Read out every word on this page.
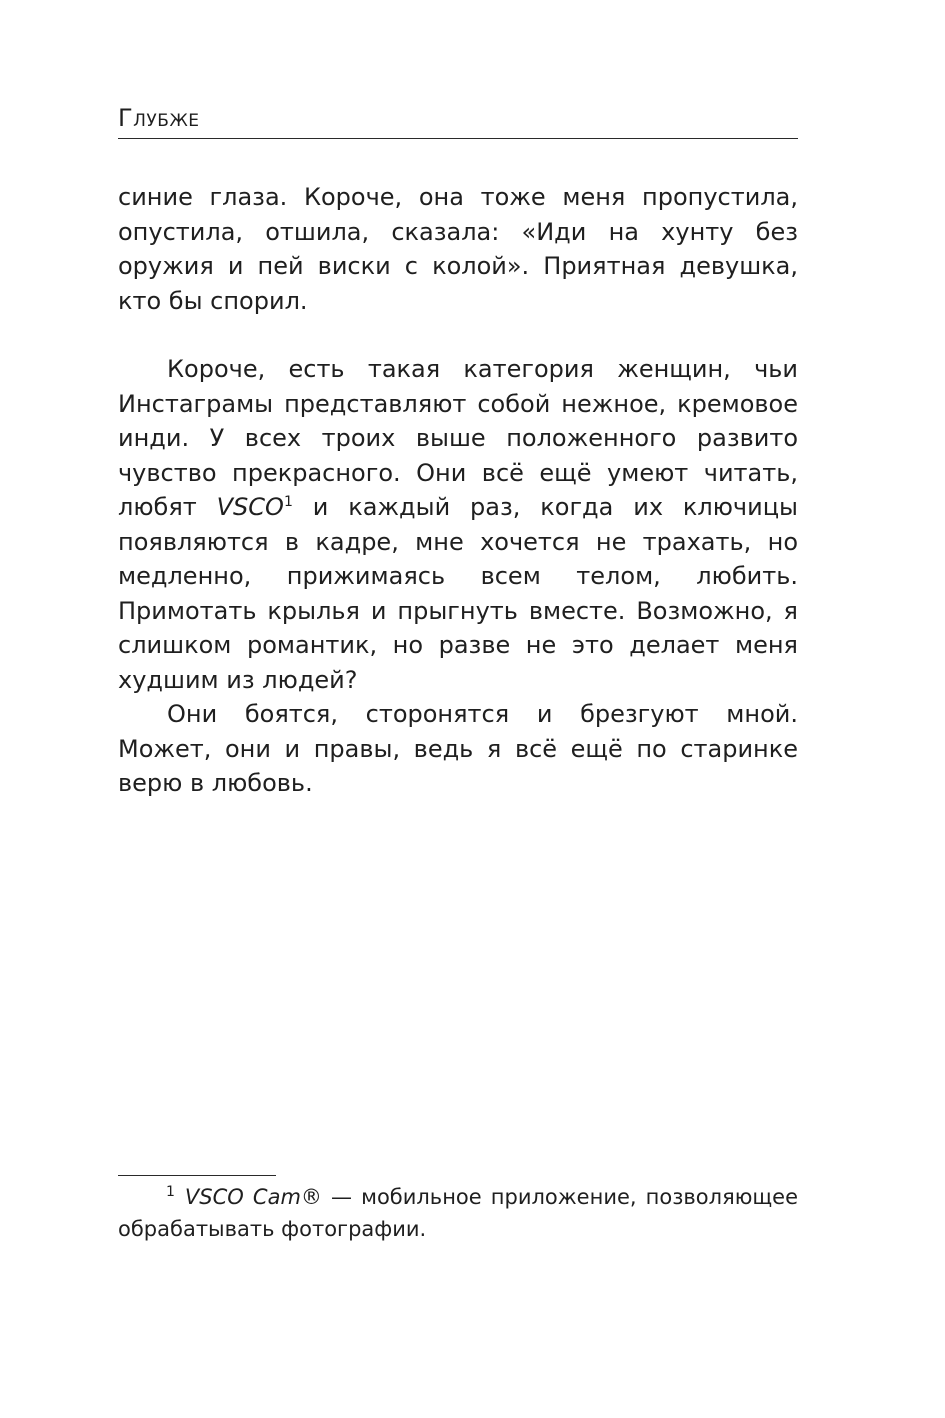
Глубже

синие глаза. Короче, она тоже меня пропустила, опустила, отшила, сказала: «Иди на хунту без оружия и пей виски с колой». Приятная девушка, кто бы спорил.

Короче, есть такая категория женщин, чьи Инстаграмы представляют собой нежное, кремовое инди. У всех троих выше положенного развито чувство прекрасного. Они всё ещё умеют читать, любят VSCO$^1$ и каждый раз, когда их ключицы появляются в кадре, мне хочется не трахать, но медленно, прижимаясь всем телом, любить. Примотать крылья и прыгнуть вместе. Возможно, я слишком романтик, но разве не это делает меня худшим из людей?

Они боятся, сторонятся и брезгуют мной. Может, они и правы, ведь я всё ещё по старинке верю в любовь.

$^1$ VSCO Cam® — мобильное приложение, позволяющее обрабатывать фотографии.
